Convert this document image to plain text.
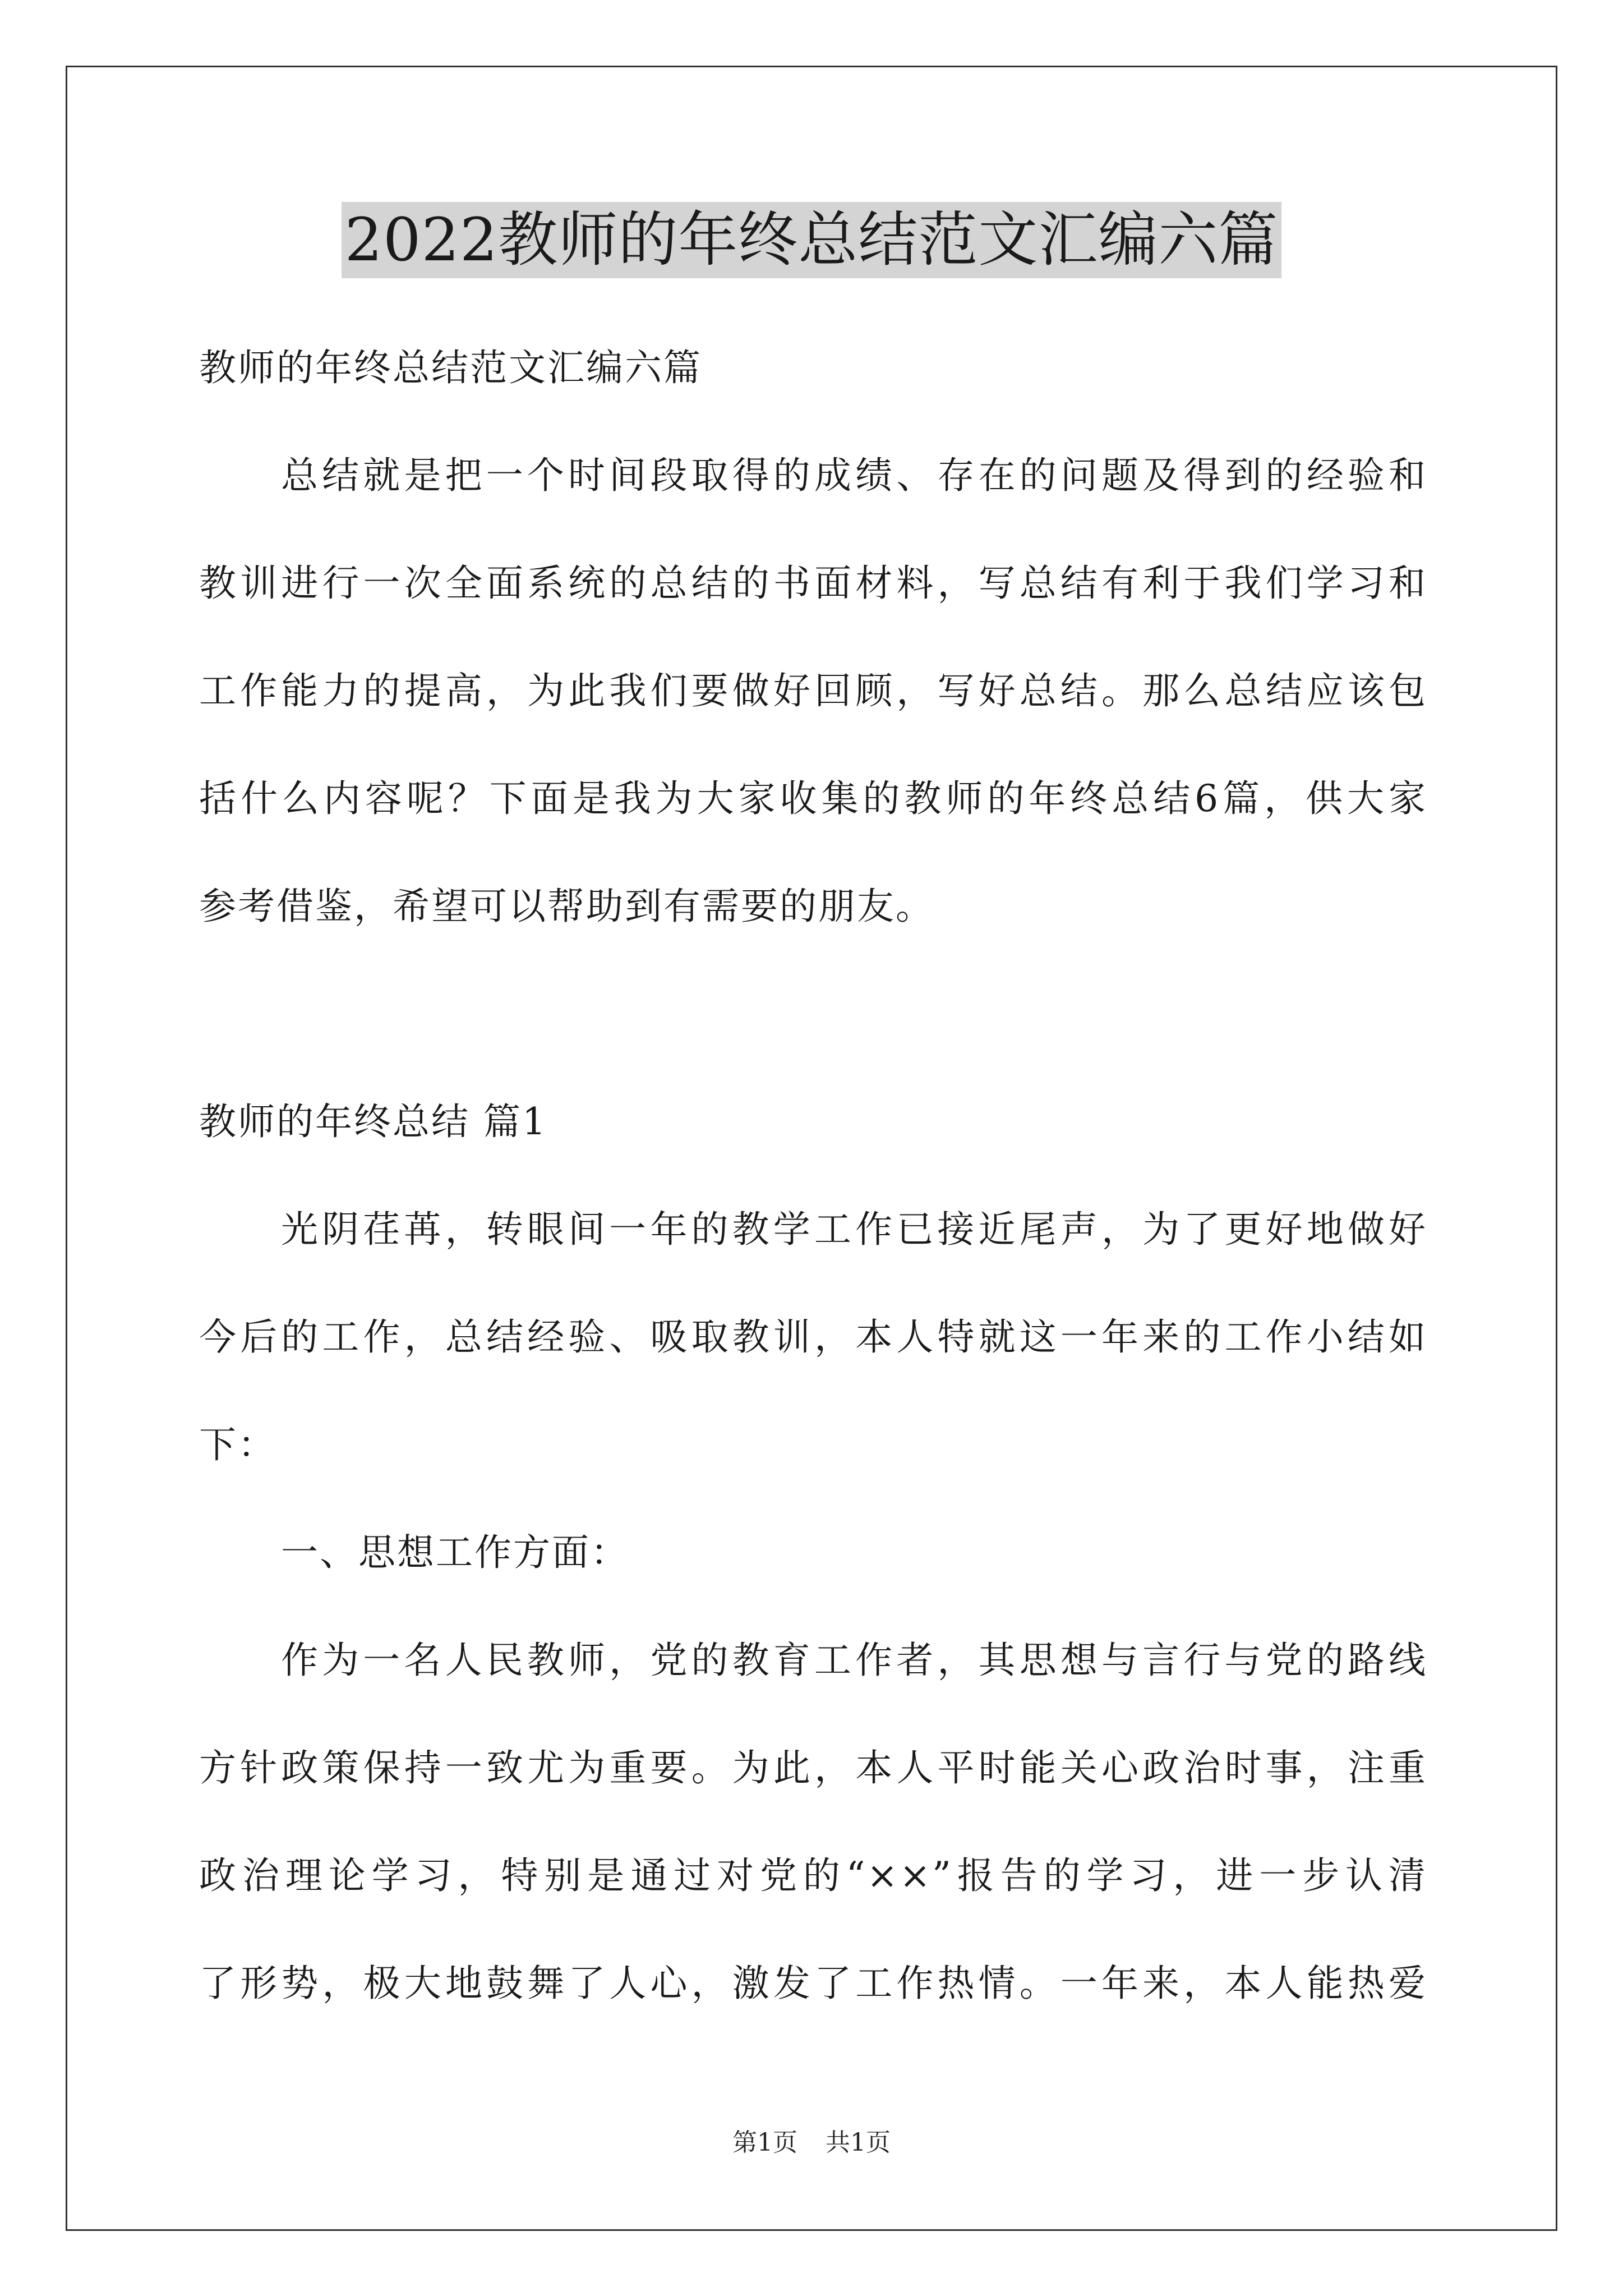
2022教师的年终总结范文汇编六篇
教师的年终总结范文汇编六篇
总结就是把一个时间段取得的成绩、存在的问题及得到的经验和
教训进行一次全面系统的总结的书面材料，写总结有利于我们学习和
工作能力的提高，为此我们要做好回顾，写好总结。那么总结应该包
括什么内容呢？下面是我为大家收集的教师的年终总结6篇，供大家
参考借鉴，希望可以帮助到有需要的朋友。
教师的年终总结 篇1
光阴荏苒，转眼间一年的教学工作已接近尾声，为了更好地做好
今后的工作，总结经验、吸取教训，本人特就这一年来的工作小结如
下：
一、思想工作方面：
作为一名人民教师，党的教育工作者，其思想与言行与党的路线
方针政策保持一致尤为重要。为此，本人平时能关心政治时事，注重
政治理论学习，特别是通过对党的“××”报告的学习，进一步认清
了形势，极大地鼓舞了人心，激发了工作热情。一年来，本人能热爱
第1页 共1页
